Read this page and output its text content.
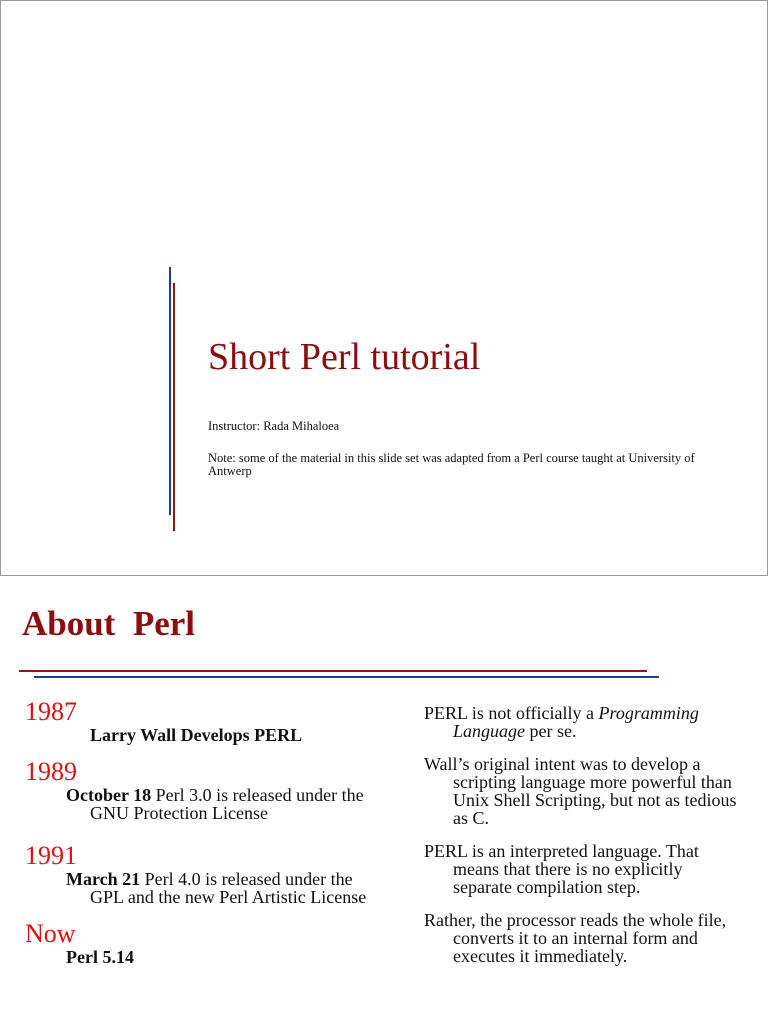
Short Perl tutorial
Instructor: Rada Mihaloea
Note: some of the material in this slide set was adapted from a Perl course taught at University of Antwerp
About  Perl
1987
Larry Wall Develops PERL
1989
October 18 Perl 3.0 is released under the GNU Protection License
1991
March 21 Perl 4.0 is released under the GPL and the new Perl Artistic License
Now
Perl 5.14
PERL is not officially a Programming Language per se.
Wall’s original intent was to develop a scripting language more powerful than Unix Shell Scripting, but not as tedious as C.
PERL is an interpreted language. That means that there is no explicitly separate compilation step.
Rather, the processor reads the whole file, converts it to an internal form and executes it immediately.
